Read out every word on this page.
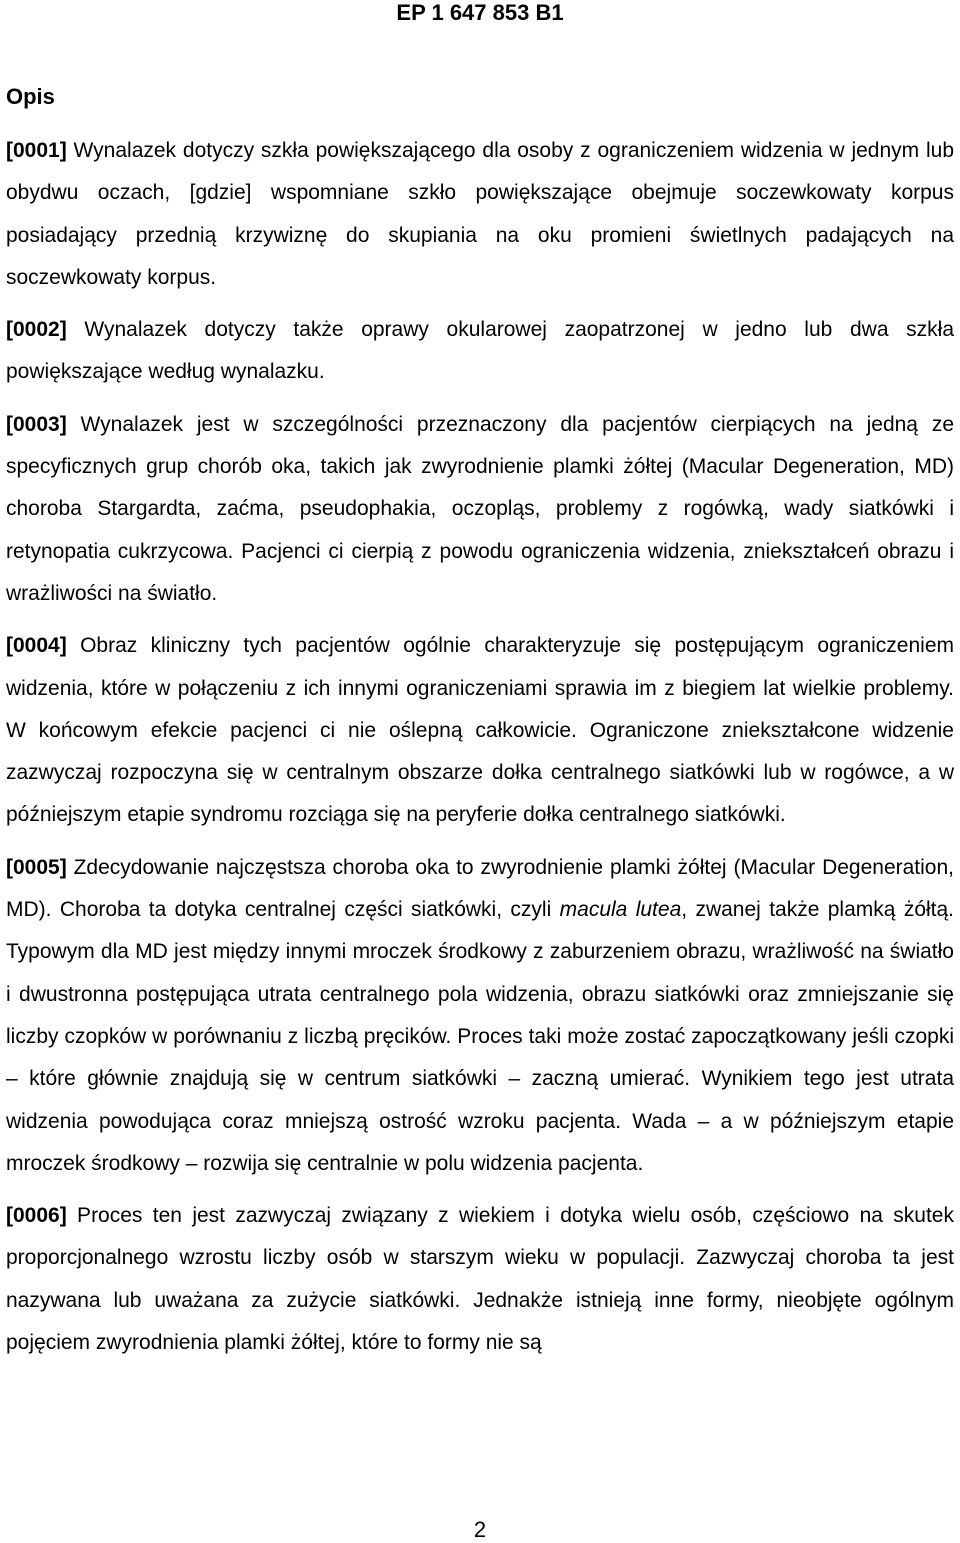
EP 1 647 853 B1
Opis

[0001] Wynalazek dotyczy szkła powiększającego dla osoby z ograniczeniem widzenia w jednym lub obydwu oczach, [gdzie] wspomniane szkło powiększające obejmuje soczewkowaty korpus posiadający przednią krzywiznę do skupiania na oku promieni świetlnych padających na soczewkowaty korpus.

[0002] Wynalazek dotyczy także oprawy okularowej zaopatrzonej w jedno lub dwa szkła powiększające według wynalazku.

[0003] Wynalazek jest w szczególności przeznaczony dla pacjentów cierpiących na jedną ze specyficznych grup chorób oka, takich jak zwyrodnienie plamki żółtej (Macular Degeneration, MD) choroba Stargardta, zaćma, pseudophakia, oczopląs, problemy z rogówką, wady siatkówki i retynopatia cukrzycowa. Pacjenci ci cierpią z powodu ograniczenia widzenia, zniekształceń obrazu i wrażliwości na światło.

[0004] Obraz kliniczny tych pacjentów ogólnie charakteryzuje się postępującym ograniczeniem widzenia, które w połączeniu z ich innymi ograniczeniami sprawia im z biegiem lat wielkie problemy. W końcowym efekcie pacjenci ci nie oślepną całkowicie. Ograniczone zniekształcone widzenie zazwyczaj rozpoczyna się w centralnym obszarze dołka centralnego siatkówki lub w rogówce, a w późniejszym etapie syndromu rozciąga się na peryferie dołka centralnego siatkówki.

[0005] Zdecydowanie najczęstsza choroba oka to zwyrodnienie plamki żółtej (Macular Degeneration, MD). Choroba ta dotyka centralnej części siatkówki, czyli macula lutea, zwanej także plamką żółtą. Typowym dla MD jest między innymi mroczek środkowy z zaburzeniem obrazu, wrażliwość na światło i dwustronna postępująca utrata centralnego pola widzenia, obrazu siatkówki oraz zmniejszanie się liczby czopków w porównaniu z liczbą pręcików. Proces taki może zostać zapoczątkowany jeśli czopki – które głównie znajdują się w centrum siatkówki – zaczną umierać. Wynikiem tego jest utrata widzenia powodująca coraz mniejszą ostrość wzroku pacjenta. Wada – a w późniejszym etapie mroczek środkowy – rozwija się centralnie w polu widzenia pacjenta.

[0006] Proces ten jest zazwyczaj związany z wiekiem i dotyka wielu osób, częściowo na skutek proporcjonalnego wzrostu liczby osób w starszym wieku w populacji. Zazwyczaj choroba ta jest nazywana lub uważana za zużycie siatkówki. Jednakże istnieją inne formy, nieobjęte ogólnym pojęciem zwyrodnienia plamki żółtej, które to formy nie są

2
